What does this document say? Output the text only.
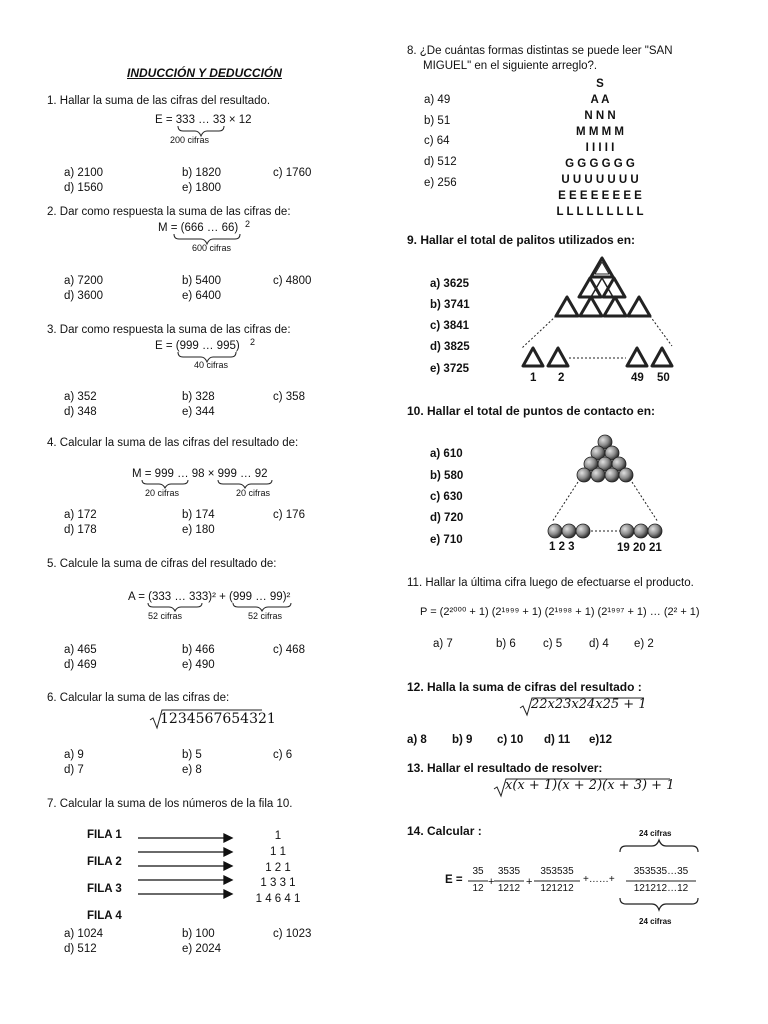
INDUCCIÓN Y DEDUCCIÓN
1. Hallar la suma de las cifras del resultado.
E = 333 … 33 × 12
200 cifras
a) 2100	b) 1820	c) 1760
d) 1560	e) 1800
2. Dar como respuesta la suma de las cifras de:
M = (666 … 66) 2
600 cifras
a) 7200	b) 5400	c) 4800
d) 3600	e) 6400
3. Dar como respuesta la suma de las cifras de:
E = (999 … 995) 2
40 cifras
a) 352	b) 328	c) 358
d) 348	e) 344
4. Calcular la suma de las cifras del resultado de:
M = 999 … 98 × 999 … 92
20 cifras	20 cifras
a) 172	b) 174	c) 176
d) 178	e) 180
5. Calcule la suma de cifras del resultado de:
A = (333 … 333)² + (999 … 99)²
52 cifras	52 cifras
a) 465	b) 466	c) 468
d) 469	e) 490
6. Calcular la suma de las cifras de:
1234567654321
a) 9	b) 5	c) 6
d) 7	e) 8
7. Calcular la suma de los números de la fila 10.
FILA 1
FILA 2
FILA 3
FILA 4
1
1 1
1 2 1
1 3 3 1
1 4 6 4 1
a) 1024	b) 100	c) 1023
d) 512	e) 2024
8. ¿De cuántas formas distintas se puede leer "SAN
MIGUEL" en el siguiente arreglo?.
a) 49
b) 51
c) 64
d) 512
e) 256
S
A A
N N N
M M M M
I I I I I
G G G G G G
U U U U U U U
E E E E E E E E
L L L L L L L L L
9. Hallar el total de palitos utilizados en:
a) 3625
b) 3741
c) 3841
d) 3825
e) 3725
1 2	49 50
10. Hallar el total de puntos de contacto en:
a) 610
b) 580
c) 630
d) 720
e) 710
1 2 3	19 20 21
11. Hallar la última cifra luego de efectuarse el producto.
P = (2²⁰⁰⁰ + 1) (2¹⁹⁹⁹ + 1) (2¹⁹⁹⁸ + 1) (2¹⁹⁹⁷ + 1) … (2² + 1)
a) 7	b) 6 c) 5 d) 4 e) 2
12. Halla la suma de cifras del resultado :
22x23x24x25 + 1
a) 8 b) 9 c) 10 d) 11 e)12
13. Hallar el resultado de resolver:
x(x + 1)(x + 2)(x + 3) + 1
14. Calcular :	24 cifras
E =
35
12
3535
1212
353535
121212
+……+
353535…35
121212…12
24 cifras
+	+
